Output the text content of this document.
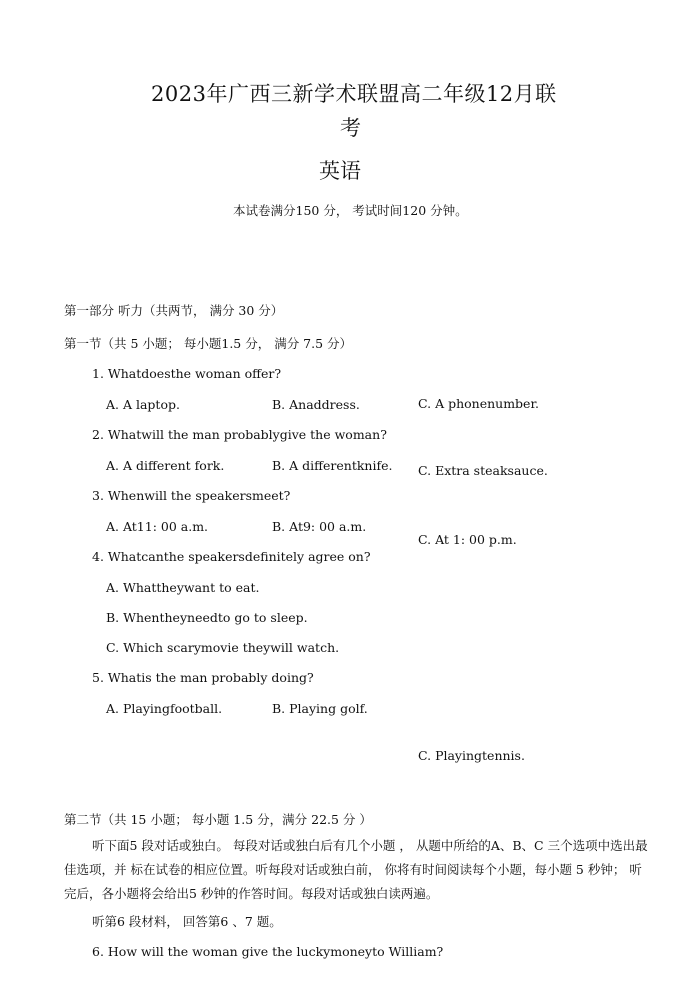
2023年广西三新学术联盟高二年级12月联
考
英语
本试卷满分150 分， 考试时间120 分钟。
第一部分 听力（共两节， 满分 30 分）
第一节（共 5 小题； 每小题1.5 分， 满分 7.5 分）
1. Whatdoesthe woman offer?
A. A laptop.	B. Anaddress.	C. A phonenumber.
2. Whatwill the man probablygive the woman?
A. A different fork.	B. A differentknife. C. Extra steaksauce.
3. Whenwill the speakersmeet?
A. At11: 00 a.m.	B. At9: 00 a.m.
C. At 1: 00 p.m.
4. Whatcanthe speakersdefinitely agree on?
A. Whattheywant to eat.
B. Whentheyneedto go to sleep.
C. Which scarymovie theywill watch.
5. Whatis the man probably doing?
A. Playingfootball.	B. Playing golf.
C. Playingtennis.
第二节（共 15 小题； 每小题 1.5 分，满分 22.5 分 ）
听下面5 段对话或独白。 每段对话或独白后有几个小题 ， 从题中所给的A、B、C 三个选项中选出最佳选项，并 标在试卷的相应位置。听每段对话或独白前， 你将有时间阅读每个小题，每小题 5 秒钟； 听完后，各小题将会给出5 秒钟的作答时间。每段对话或独白读两遍。
听第6 段材料， 回答第6 、7 题。
6. How will the woman give the luckymoneyto William?
